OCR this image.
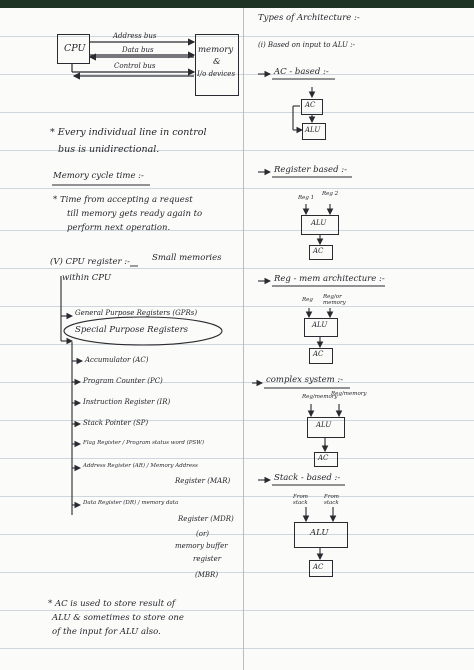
CPU	memory
&
I/o devices
Address bus
Data bus
Control bus
* Every individual line in control
bus is unidirectional.
Memory cycle time :-
* Time from accepting a request
till memory gets ready again to
perform next operation.
(V) CPU register :-	Small memories
within CPU
General Purpose Registers (GPRs)
Special Purpose Registers
Accumulator (AC)
Program Counter (PC)
Instruction Register (IR)
Stack Pointer (SP)
Flag Register / Program status word (PSW)
Address Register (AR) / Memory Address
Register (MAR)
Data Register (DR) / memory data
Register (MDR)
(or)
memory buffer
register
(MBR)
* AC is used to store result of
ALU & sometimes to store one
of the input for ALU also.
Types of Architecture :-
(i) Based on input to ALU :-
AC - based :-
AC
ALU
Register based :-
Reg 1
Reg 2
ALU
AC
Reg - mem architecture :-
Reg Reg/or memory
ALU
AC
complex system :-
Reg/memory
Reg/memory
ALU
AC
Stack - based :-
From stack
From stack
ALU
AC
